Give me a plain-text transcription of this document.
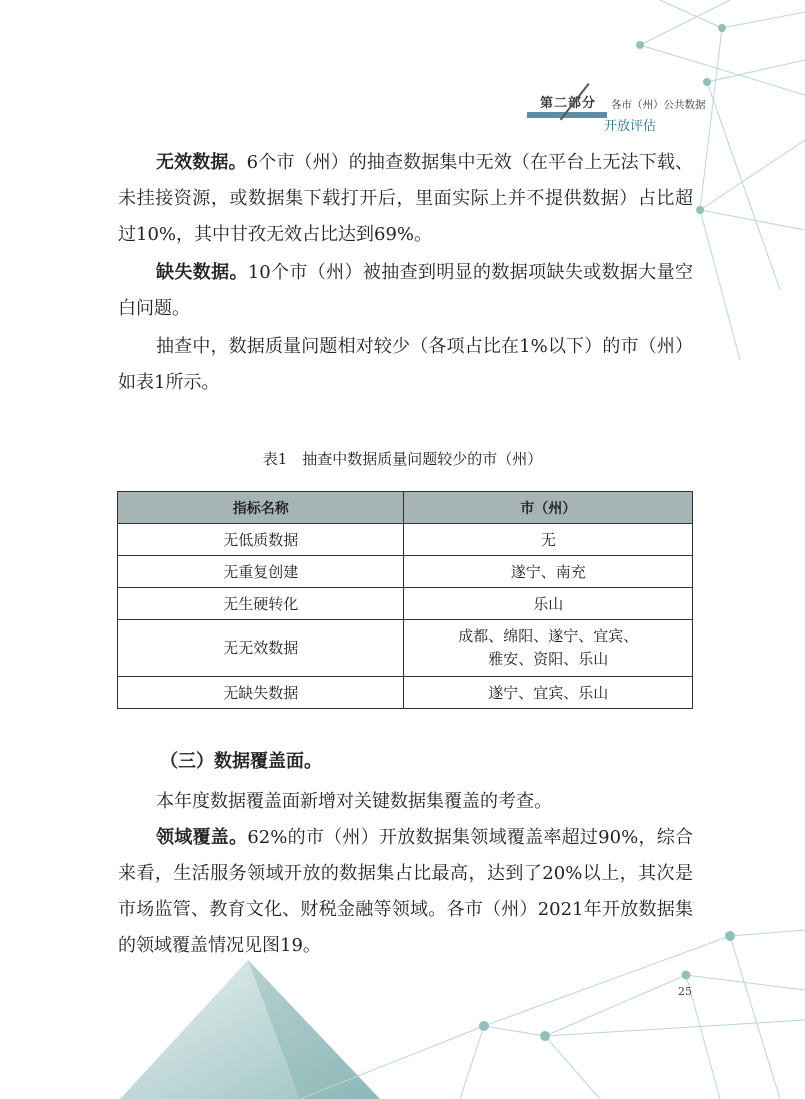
第二部分 各市（州）公共数据
开放评估

无效数据。6个市（州）的抽查数据集中无效（在平台上无法下载、未挂接资源，或数据集下载打开后，里面实际上并不提供数据）占比超过10%，其中甘孜无效占比达到69%。

缺失数据。10个市（州）被抽查到明显的数据项缺失或数据大量空白问题。

抽查中，数据质量问题相对较少（各项占比在1%以下）的市（州）如表1所示。

表1　抽查中数据质量问题较少的市（州）
指标名称	市（州）
无低质数据	无
无重复创建	遂宁、南充
无生硬转化	乐山
无无效数据	成都、绵阳、遂宁、宜宾、
雅安、资阳、乐山
无缺失数据	遂宁、宜宾、乐山
（三）数据覆盖面。

本年度数据覆盖面新增对关键数据集覆盖的考查。

领域覆盖。62%的市（州）开放数据集领域覆盖率超过90%，综合来看，生活服务领域开放的数据集占比最高，达到了20%以上，其次是市场监管、教育文化、财税金融等领域。各市（州）2021年开放数据集的领域覆盖情况见图19。

25
